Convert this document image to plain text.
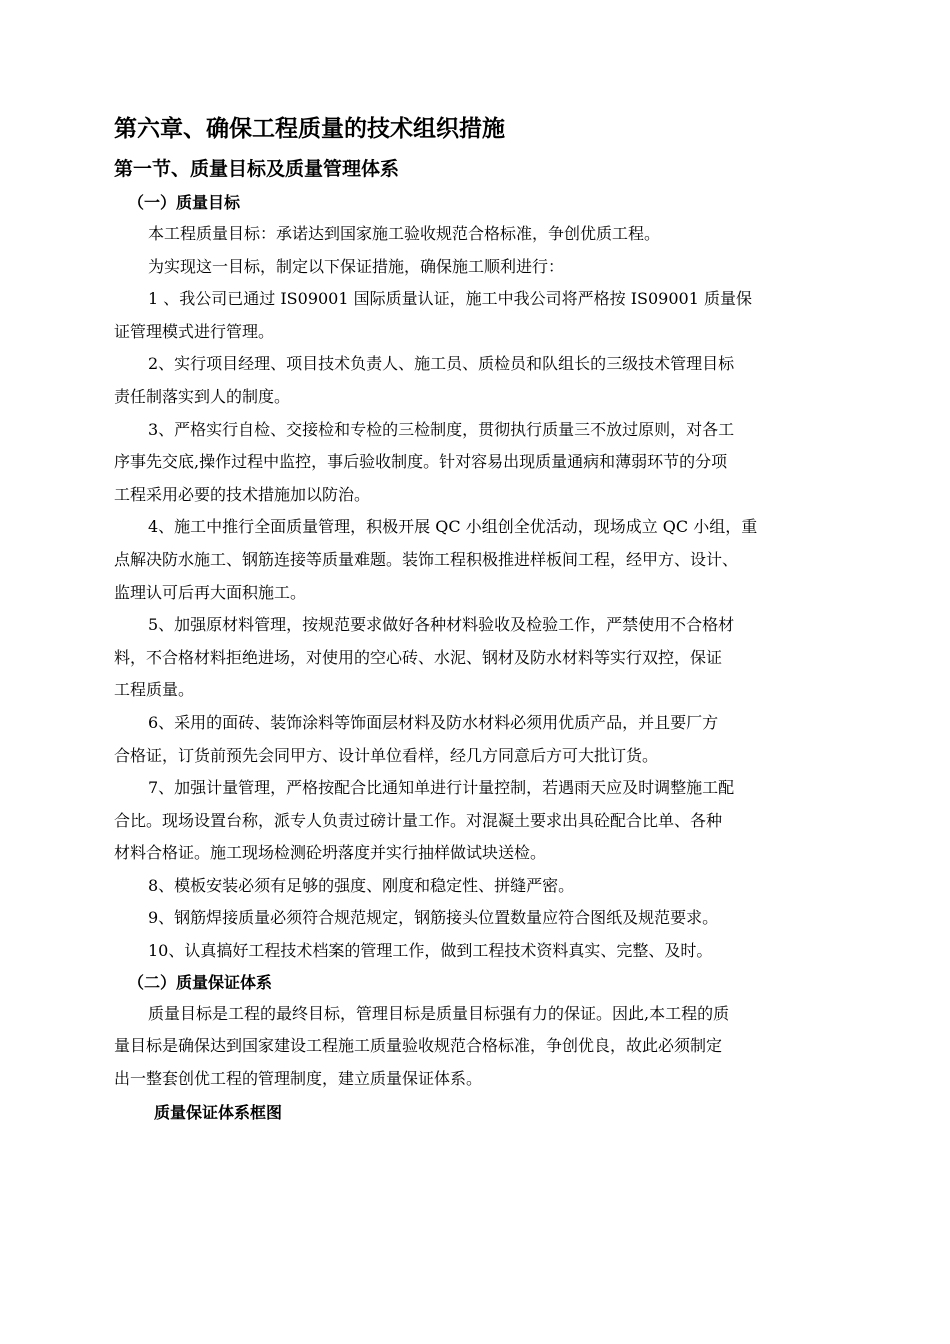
第六章、确保工程质量的技术组织措施
第一节、质量目标及质量管理体系
（一）质量目标

本工程质量目标：承诺达到国家施工验收规范合格标准，争创优质工程。

为实现这一目标，制定以下保证措施，确保施工顺利进行：

1 、我公司已通过 IS09001 国际质量认证，施工中我公司将严格按 IS09001 质量保
证管理模式进行管理。

2、实行项目经理、项目技术负责人、施工员、质检员和队组长的三级技术管理目标
责任制落实到人的制度。

3、严格实行自检、交接检和专检的三检制度，贯彻执行质量三不放过原则，对各工
序事先交底,操作过程中监控，事后验收制度。针对容易出现质量通病和薄弱环节的分项
工程采用必要的技术措施加以防治。

4、施工中推行全面质量管理，积极开展 QC 小组创全优活动，现场成立 QC 小组，重
点解决防水施工、钢筋连接等质量难题。装饰工程积极推进样板间工程，经甲方、设计、
监理认可后再大面积施工。

5、加强原材料管理，按规范要求做好各种材料验收及检验工作，严禁使用不合格材
料，不合格材料拒绝进场，对使用的空心砖、水泥、钢材及防水材料等实行双控，保证
工程质量。

6、采用的面砖、装饰涂料等饰面层材料及防水材料必须用优质产品，并且要厂方
合格证，订货前预先会同甲方、设计单位看样，经几方同意后方可大批订货。

7、加强计量管理，严格按配合比通知单进行计量控制，若遇雨天应及时调整施工配
合比。现场设置台称，派专人负责过磅计量工作。对混凝土要求出具砼配合比单、各种
材料合格证。施工现场检测砼坍落度并实行抽样做试块送检。

8、模板安装必须有足够的强度、刚度和稳定性、拼缝严密。

9、钢筋焊接质量必须符合规范规定，钢筋接头位置数量应符合图纸及规范要求。

10、认真搞好工程技术档案的管理工作，做到工程技术资料真实、完整、及时。

（二）质量保证体系

质量目标是工程的最终目标，管理目标是质量目标强有力的保证。因此,本工程的质
量目标是确保达到国家建设工程施工质量验收规范合格标准，争创优良，故此必须制定
出一整套创优工程的管理制度，建立质量保证体系。

质量保证体系框图
